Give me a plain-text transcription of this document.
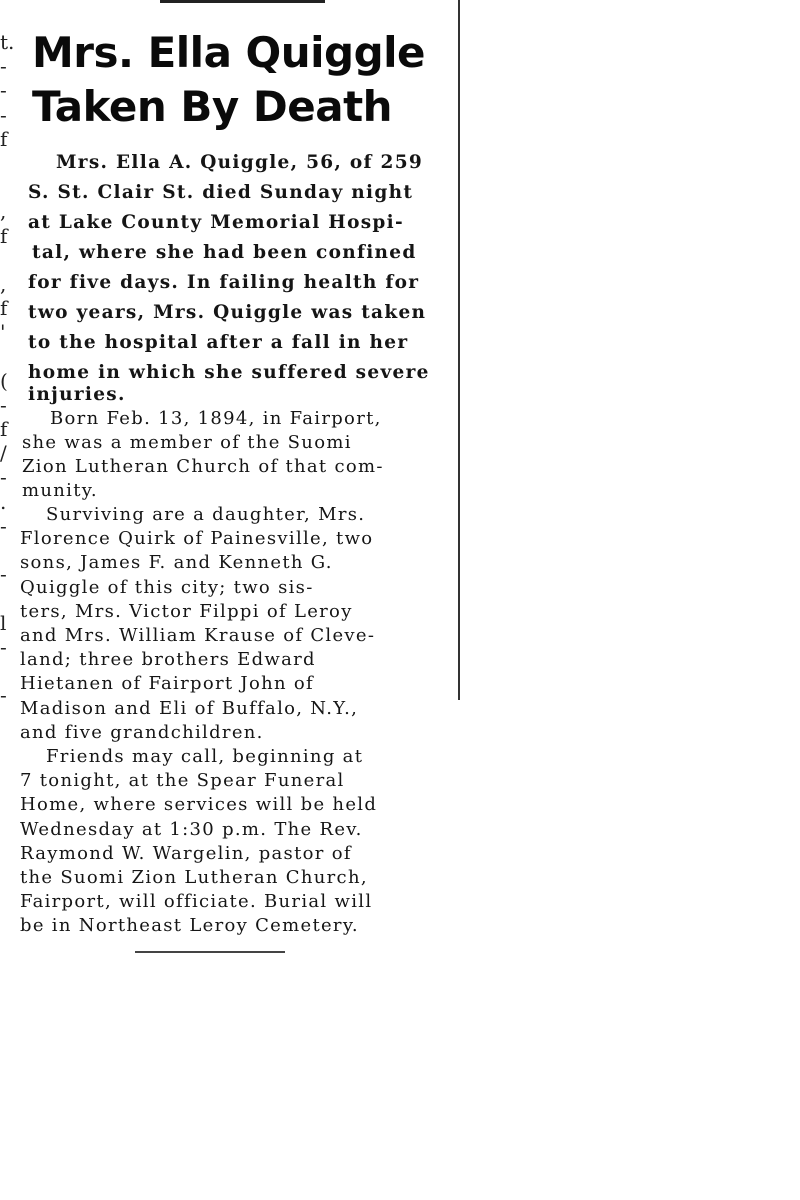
t.
-
-
-
f
,
f
,
f
'
(
-
f
/
-
.
-
-
l
-
-
Mrs. Ella Quiggle
Taken By Death
Mrs. Ella A. Quiggle, 56, of 259
S. St. Clair St. died Sunday night
at Lake County Memorial Hospi-
tal, where she had been confined
for five days. In failing health for
two years, Mrs. Quiggle was taken
to the hospital after a fall in her
home in which she suffered severe
injuries.
Born Feb. 13, 1894, in Fairport,
she was a member of the Suomi
Zion Lutheran Church of that com-
munity.
Surviving are a daughter, Mrs.
Florence Quirk of Painesville, two
sons, James F. and Kenneth G.
Quiggle of this city; two sis-
ters, Mrs. Victor Filppi of Leroy
and Mrs. William Krause of Cleve-
land; three brothers Edward
Hietanen of Fairport John of
Madison and Eli of Buffalo, N.Y.,
and five grandchildren.
Friends may call, beginning at
7 tonight, at the Spear Funeral
Home, where services will be held
Wednesday at 1:30 p.m. The Rev.
Raymond W. Wargelin, pastor of
the Suomi Zion Lutheran Church,
Fairport, will officiate. Burial will
be in Northeast Leroy Cemetery.
